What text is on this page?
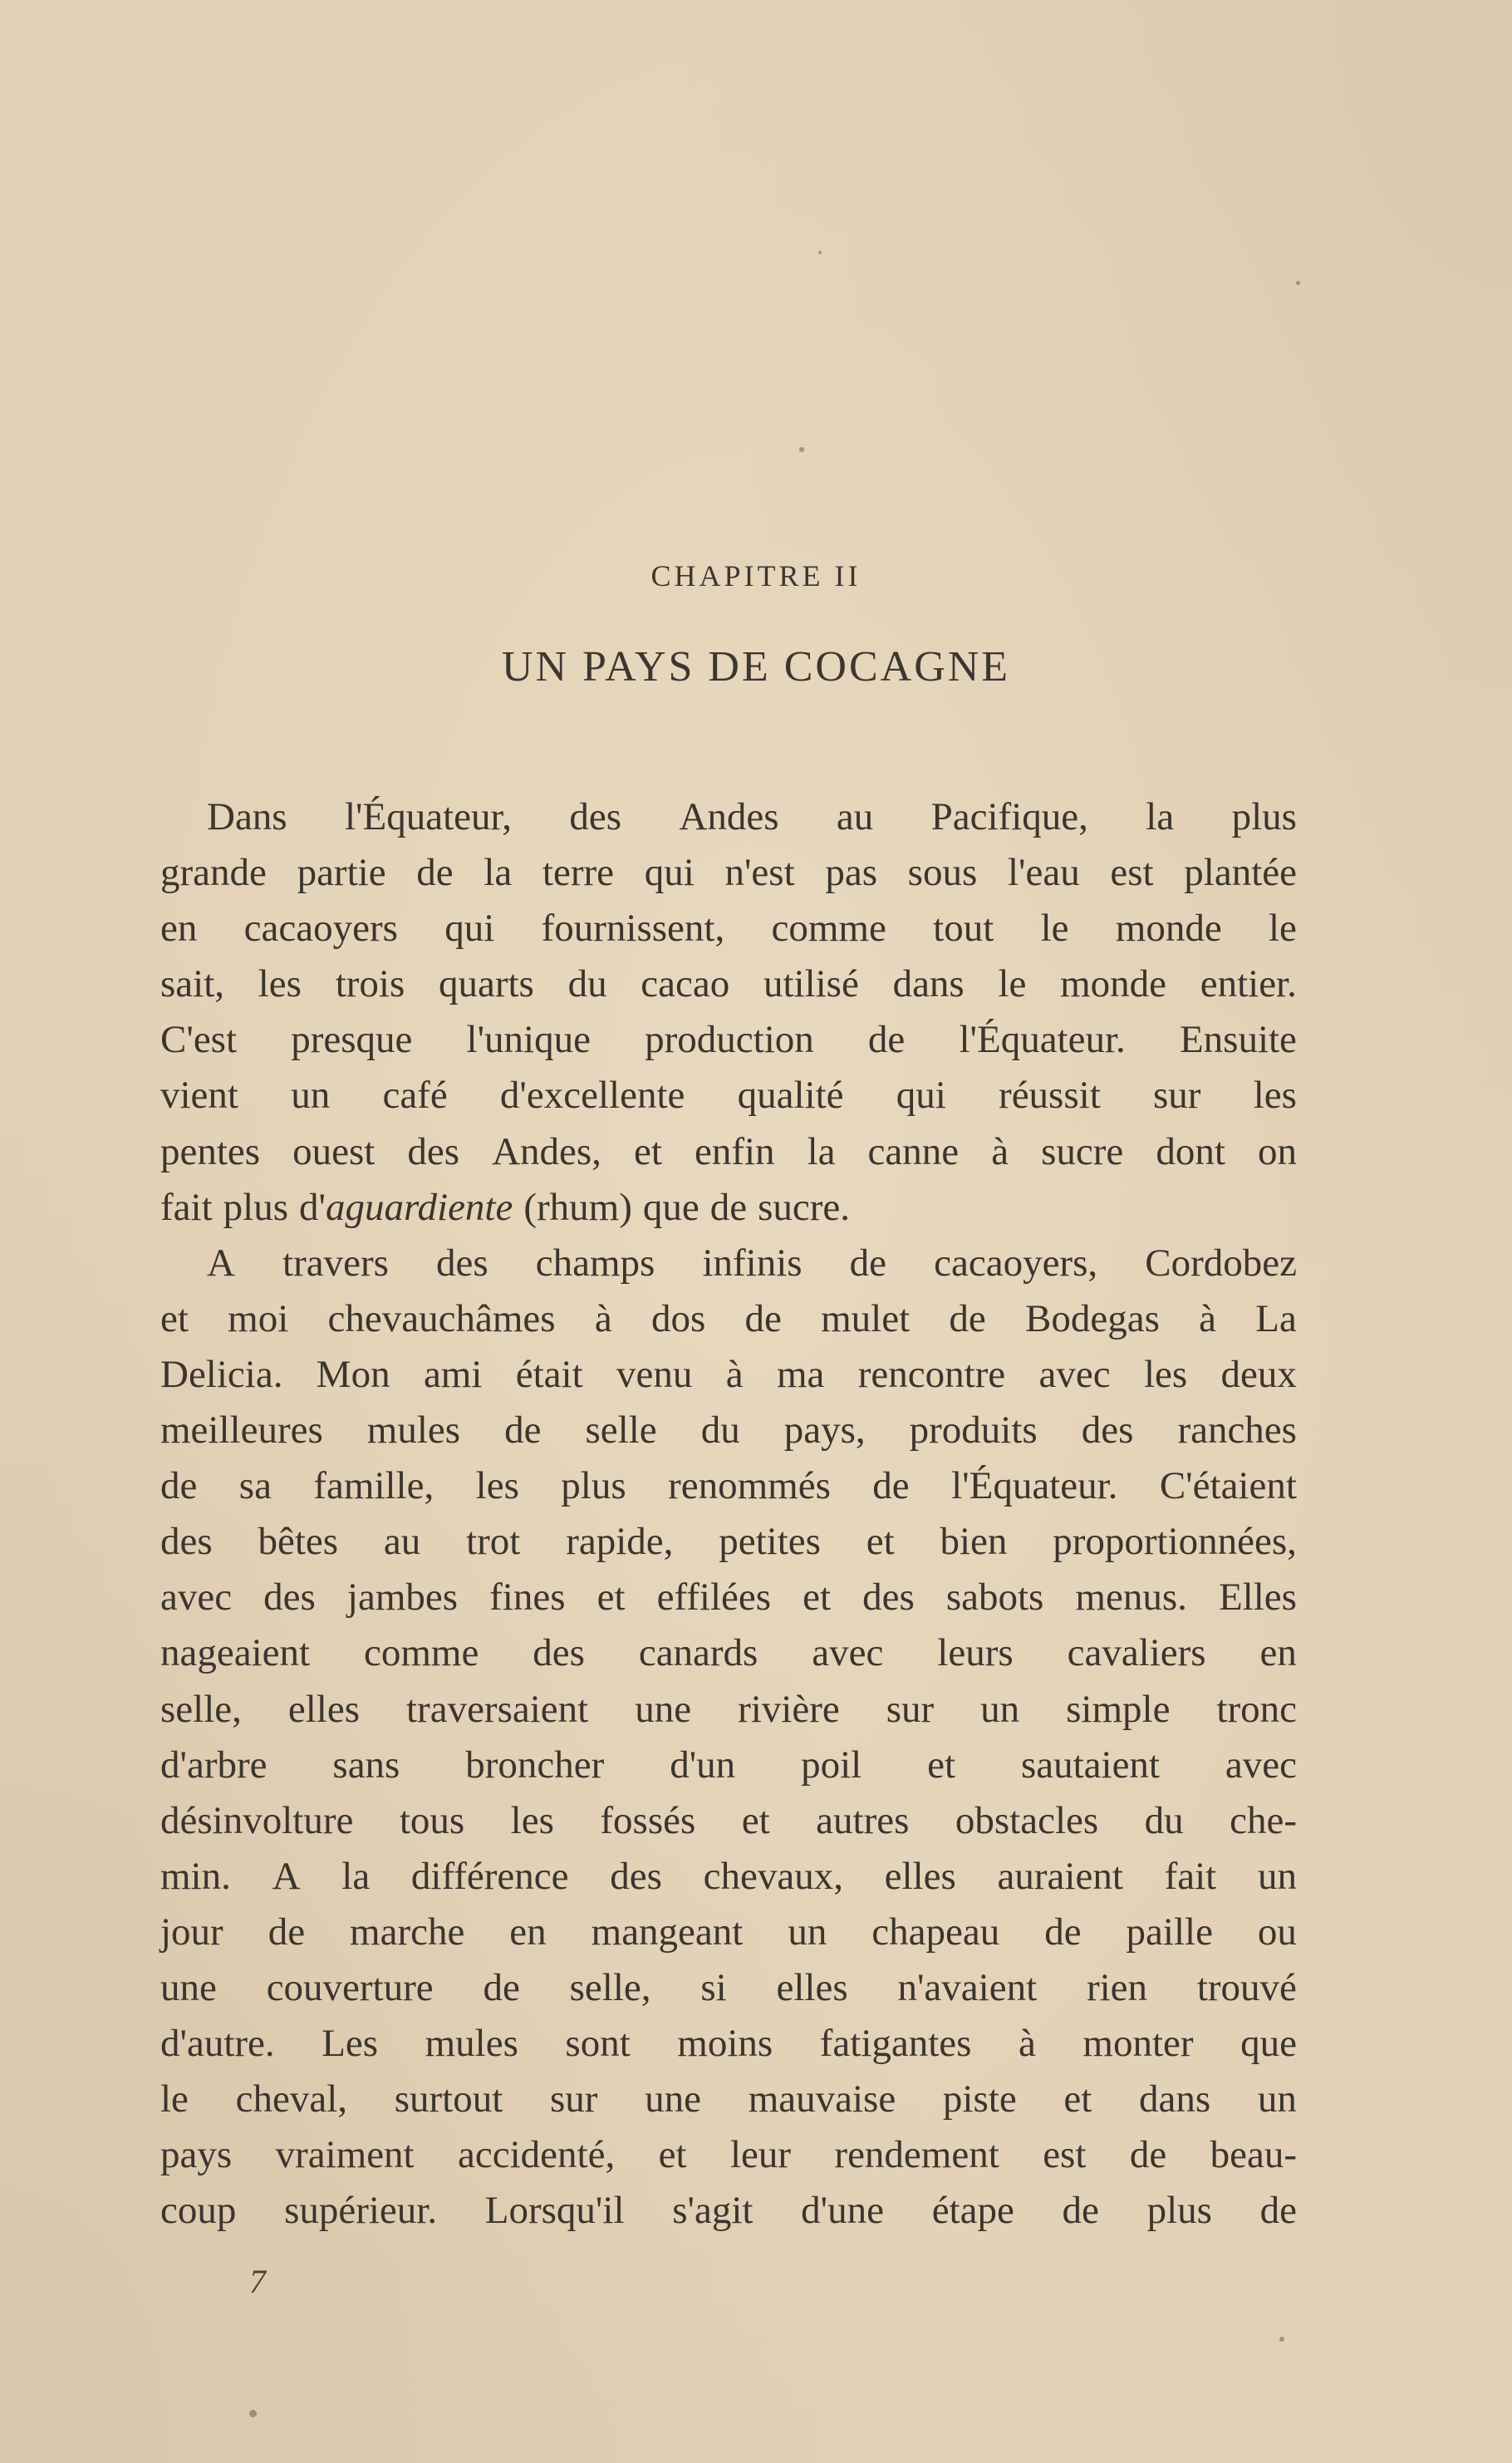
CHAPITRE II
UN PAYS DE COCAGNE
Dans l'Équateur, des Andes au Pacifique, la plus
grande partie de la terre qui n'est pas sous l'eau est plantée
en cacaoyers qui fournissent, comme tout le monde le
sait, les trois quarts du cacao utilisé dans le monde entier.
C'est presque l'unique production de l'Équateur. Ensuite
vient un café d'excellente qualité qui réussit sur les
pentes ouest des Andes, et enfin la canne à sucre dont on
fait plus d'aguardiente (rhum) que de sucre.
A travers des champs infinis de cacaoyers, Cordobez
et moi chevauchâmes à dos de mulet de Bodegas à La
Delicia. Mon ami était venu à ma rencontre avec les deux
meilleures mules de selle du pays, produits des ranches
de sa famille, les plus renommés de l'Équateur. C'étaient
des bêtes au trot rapide, petites et bien proportionnées,
avec des jambes fines et effilées et des sabots menus. Elles
nageaient comme des canards avec leurs cavaliers en
selle, elles traversaient une rivière sur un simple tronc
d'arbre sans broncher d'un poil et sautaient avec
désinvolture tous les fossés et autres obstacles du che-
min. A la différence des chevaux, elles auraient fait un
jour de marche en mangeant un chapeau de paille ou
une couverture de selle, si elles n'avaient rien trouvé
d'autre. Les mules sont moins fatigantes à monter que
le cheval, surtout sur une mauvaise piste et dans un
pays vraiment accidenté, et leur rendement est de beau-
coup supérieur. Lorsqu'il s'agit d'une étape de plus de
7
